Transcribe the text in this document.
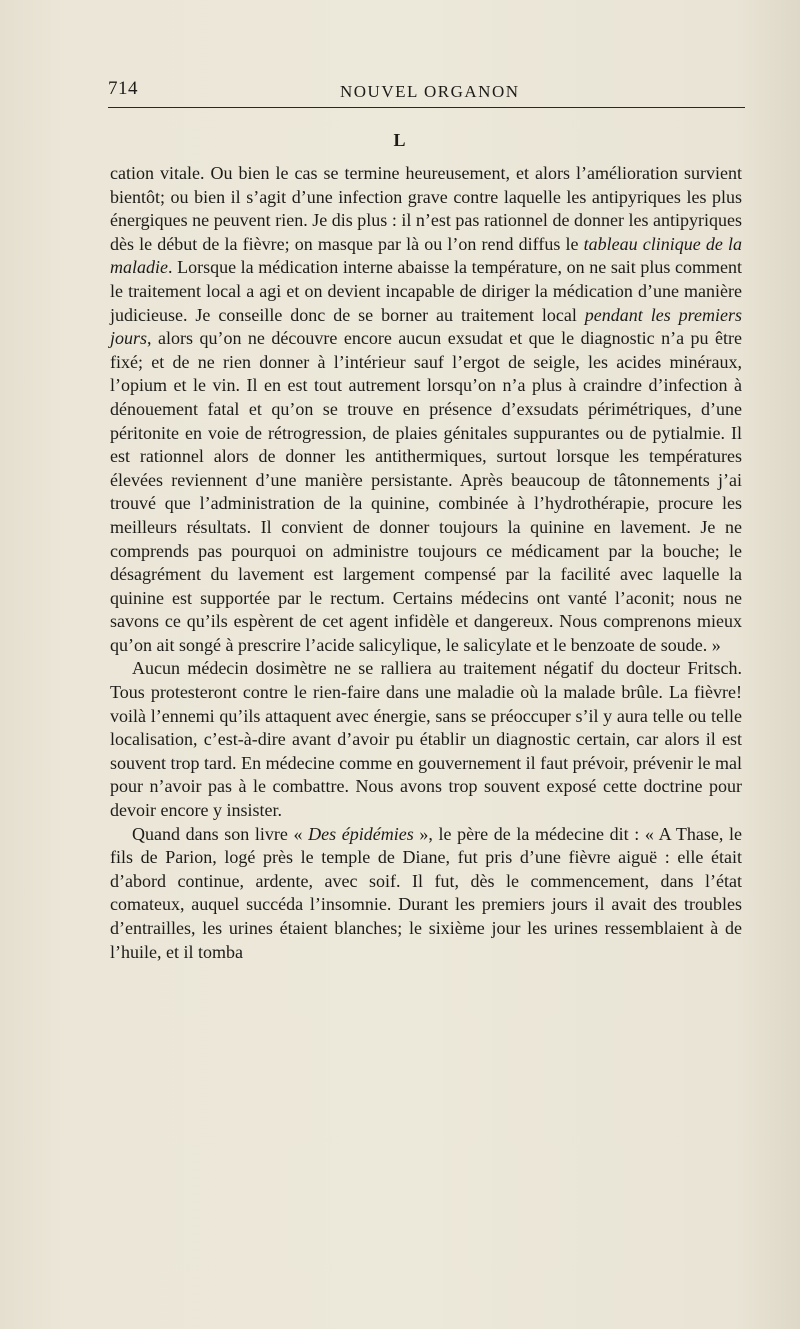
714	NOUVEL ORGANON
L

cation vitale. Ou bien le cas se termine heureusement, et alors l’amélioration survient bientôt; ou bien il s’agit d’une infection grave contre laquelle les antipyriques les plus énergiques ne peuvent rien. Je dis plus : il n’est pas rationnel de donner les antipyriques dès le début de la fièvre; on masque par là ou l’on rend diffus le tableau clinique de la maladie. Lorsque la médication interne abaisse la température, on ne sait plus comment le traitement local a agi et on devient incapable de diriger la médication d’une manière judicieuse. Je conseille donc de se borner au traitement local pendant les premiers jours, alors qu’on ne découvre encore aucun exsudat et que le diagnostic n’a pu être fixé; et de ne rien donner à l’intérieur sauf l’ergot de seigle, les acides minéraux, l’opium et le vin. Il en est tout autrement lorsqu’on n’a plus à craindre d’infection à dénouement fatal et qu’on se trouve en présence d’exsudats périmétriques, d’une péritonite en voie de rétrogression, de plaies génitales suppurantes ou de pytialmie. Il est rationnel alors de donner les antithermiques, surtout lorsque les températures élevées reviennent d’une manière persistante. Après beaucoup de tâtonnements j’ai trouvé que l’administration de la quinine, combinée à l’hydrothérapie, procure les meilleurs résultats. Il convient de donner toujours la quinine en lavement. Je ne comprends pas pourquoi on administre toujours ce médicament par la bouche; le désagrément du lavement est largement compensé par la facilité avec laquelle la quinine est supportée par le rectum. Certains médecins ont vanté l’aconit; nous ne savons ce qu’ils espèrent de cet agent infidèle et dangereux. Nous comprenons mieux qu’on ait songé à prescrire l’acide salicylique, le salicylate et le benzoate de soude. »

Aucun médecin dosimètre ne se ralliera au traitement négatif du docteur Fritsch. Tous protesteront contre le rien-faire dans une maladie où la malade brûle. La fièvre! voilà l’ennemi qu’ils attaquent avec énergie, sans se préoccuper s’il y aura telle ou telle localisation, c’est-à-dire avant d’avoir pu établir un diagnostic certain, car alors il est souvent trop tard. En médecine comme en gouvernement il faut prévoir, prévenir le mal pour n’avoir pas à le combattre. Nous avons trop souvent exposé cette doctrine pour devoir encore y insister.

Quand dans son livre « Des épidémies », le père de la médecine dit : « A Thase, le fils de Parion, logé près le temple de Diane, fut pris d’une fièvre aiguë : elle était d’abord continue, ardente, avec soif. Il fut, dès le commencement, dans l’état comateux, auquel succéda l’insomnie. Durant les premiers jours il avait des troubles d’entrailles, les urines étaient blanches; le sixième jour les urines ressemblaient à de l’huile, et il tomba
